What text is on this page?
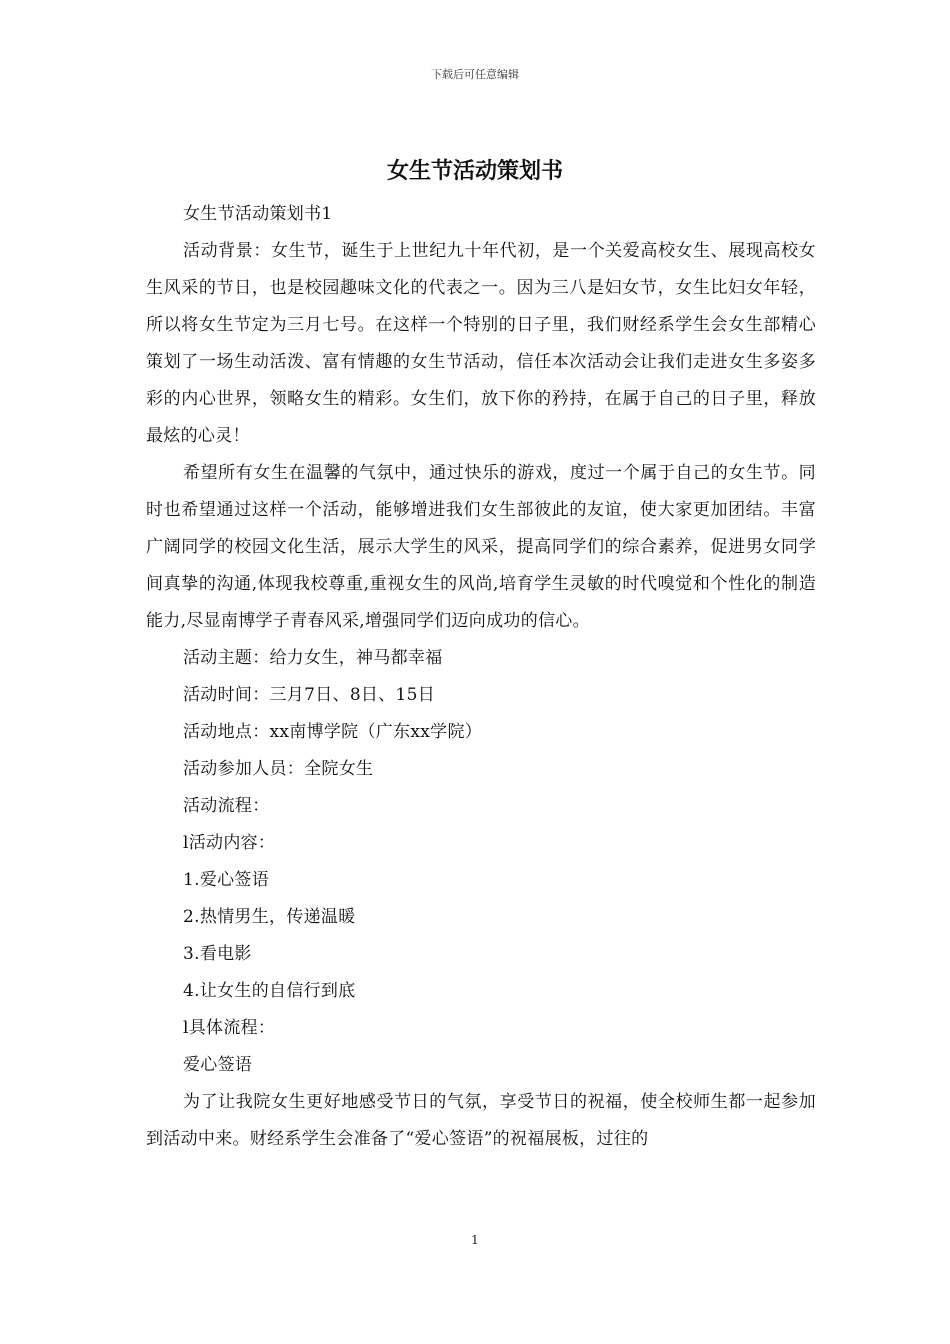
下载后可任意编辑
女生节活动策划书

女生节活动策划书1

活动背景：女生节，诞生于上世纪九十年代初，是一个关爱高校女生、展现高校女生风采的节日，也是校园趣味文化的代表之一。因为三八是妇女节，女生比妇女年轻，所以将女生节定为三月七号。在这样一个特别的日子里，我们财经系学生会女生部精心策划了一场生动活泼、富有情趣的女生节活动，信任本次活动会让我们走进女生多姿多彩的内心世界，领略女生的精彩。女生们，放下你的矜持，在属于自己的日子里，释放最炫的心灵！

希望所有女生在温馨的气氛中，通过快乐的游戏，度过一个属于自己的女生节。同时也希望通过这样一个活动，能够增进我们女生部彼此的友谊，使大家更加团结。丰富广阔同学的校园文化生活，展示大学生的风采，提高同学们的综合素养，促进男女同学间真挚的沟通,体现我校尊重,重视女生的风尚,培育学生灵敏的时代嗅觉和个性化的制造能力,尽显南博学子青春风采,增强同学们迈向成功的信心。

活动主题：给力女生，神马都幸福

活动时间：三月7日、8日、15日

活动地点：xx南博学院（广东xx学院）

活动参加人员：全院女生

活动流程：

l活动内容：

1.爱心签语

2.热情男生，传递温暖

3.看电影

4.让女生的自信行到底

l具体流程：

爱心签语

为了让我院女生更好地感受节日的气氛，享受节日的祝福，使全校师生都一起参加到活动中来。财经系学生会准备了“爱心签语”的祝福展板，过往的

1
